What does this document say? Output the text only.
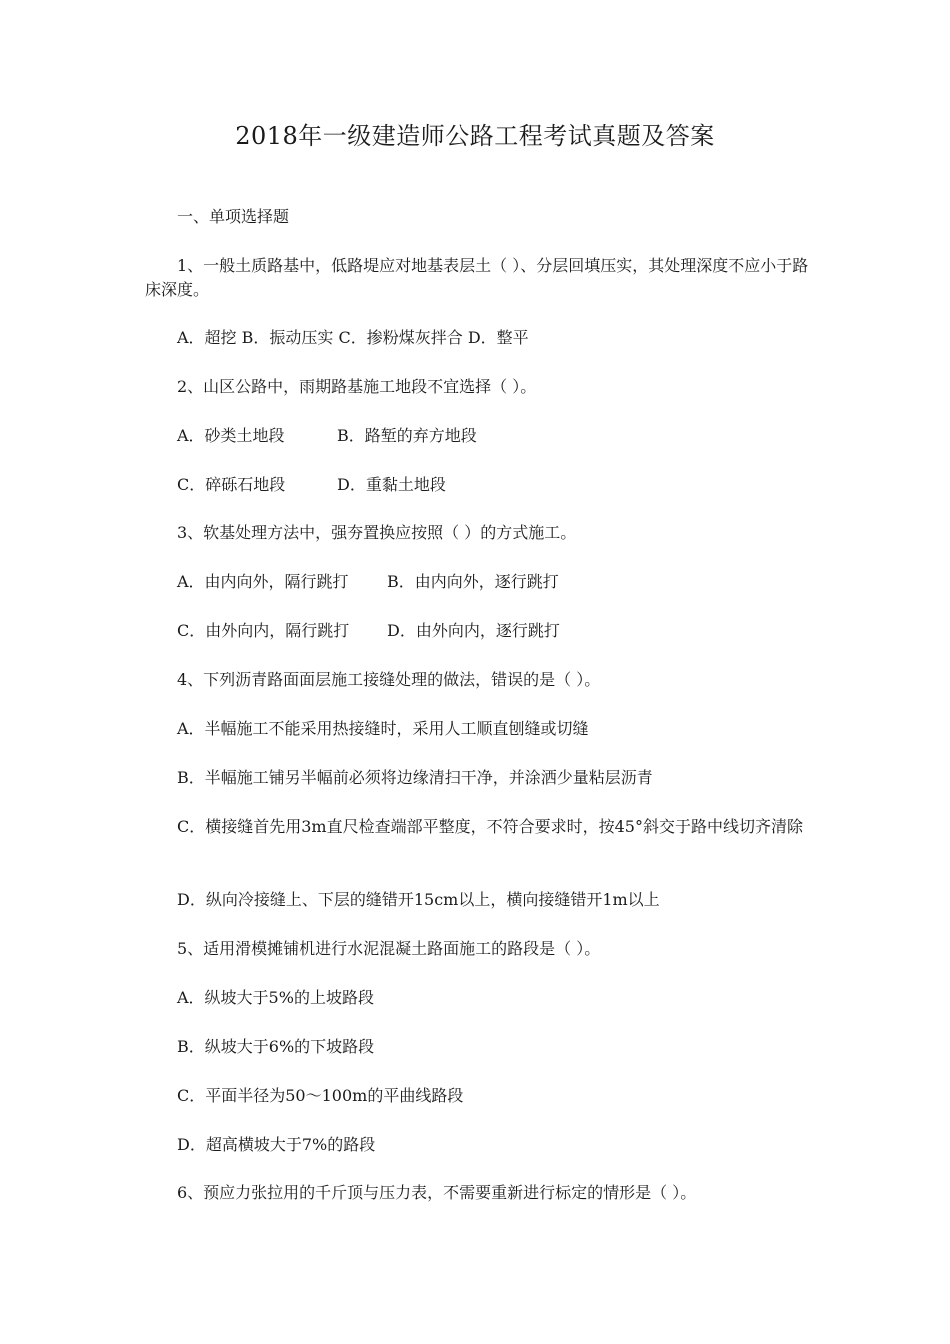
2018年一级建造师公路工程考试真题及答案
一、单项选择题
1、一般土质路基中，低路堤应对地基表层土（ ）、分层回填压实，其处理深度不应小于路床深度。
A．超挖 B．振动压实 C．掺粉煤灰拌合 D．整平
2、山区公路中，雨期路基施工地段不宜选择（ ）。
A．砂类土地段	B．路堑的弃方地段
C．碎砾石地段	D．重黏土地段
3、软基处理方法中，强夯置换应按照（ ）的方式施工。
A．由内向外，隔行跳打 B．由内向外，逐行跳打
C．由外向内，隔行跳打 D．由外向内，逐行跳打
4、下列沥青路面面层施工接缝处理的做法，错误的是（ ）。
A．半幅施工不能采用热接缝时，采用人工顺直刨缝或切缝
B．半幅施工铺另半幅前必须将边缘清扫干净，并涂洒少量粘层沥青
C．横接缝首先用3m直尺检查端部平整度，不符合要求时，按45°斜交于路中线切齐清除
D．纵向冷接缝上、下层的缝错开15cm以上，横向接缝错开1m以上
5、适用滑模摊铺机进行水泥混凝土路面施工的路段是（ ）。
A．纵坡大于5%的上坡路段
B．纵坡大于6%的下坡路段
C．平面半径为50～100m的平曲线路段
D．超高横坡大于7%的路段
6、预应力张拉用的千斤顶与压力表，不需要重新进行标定的情形是（ ）。
